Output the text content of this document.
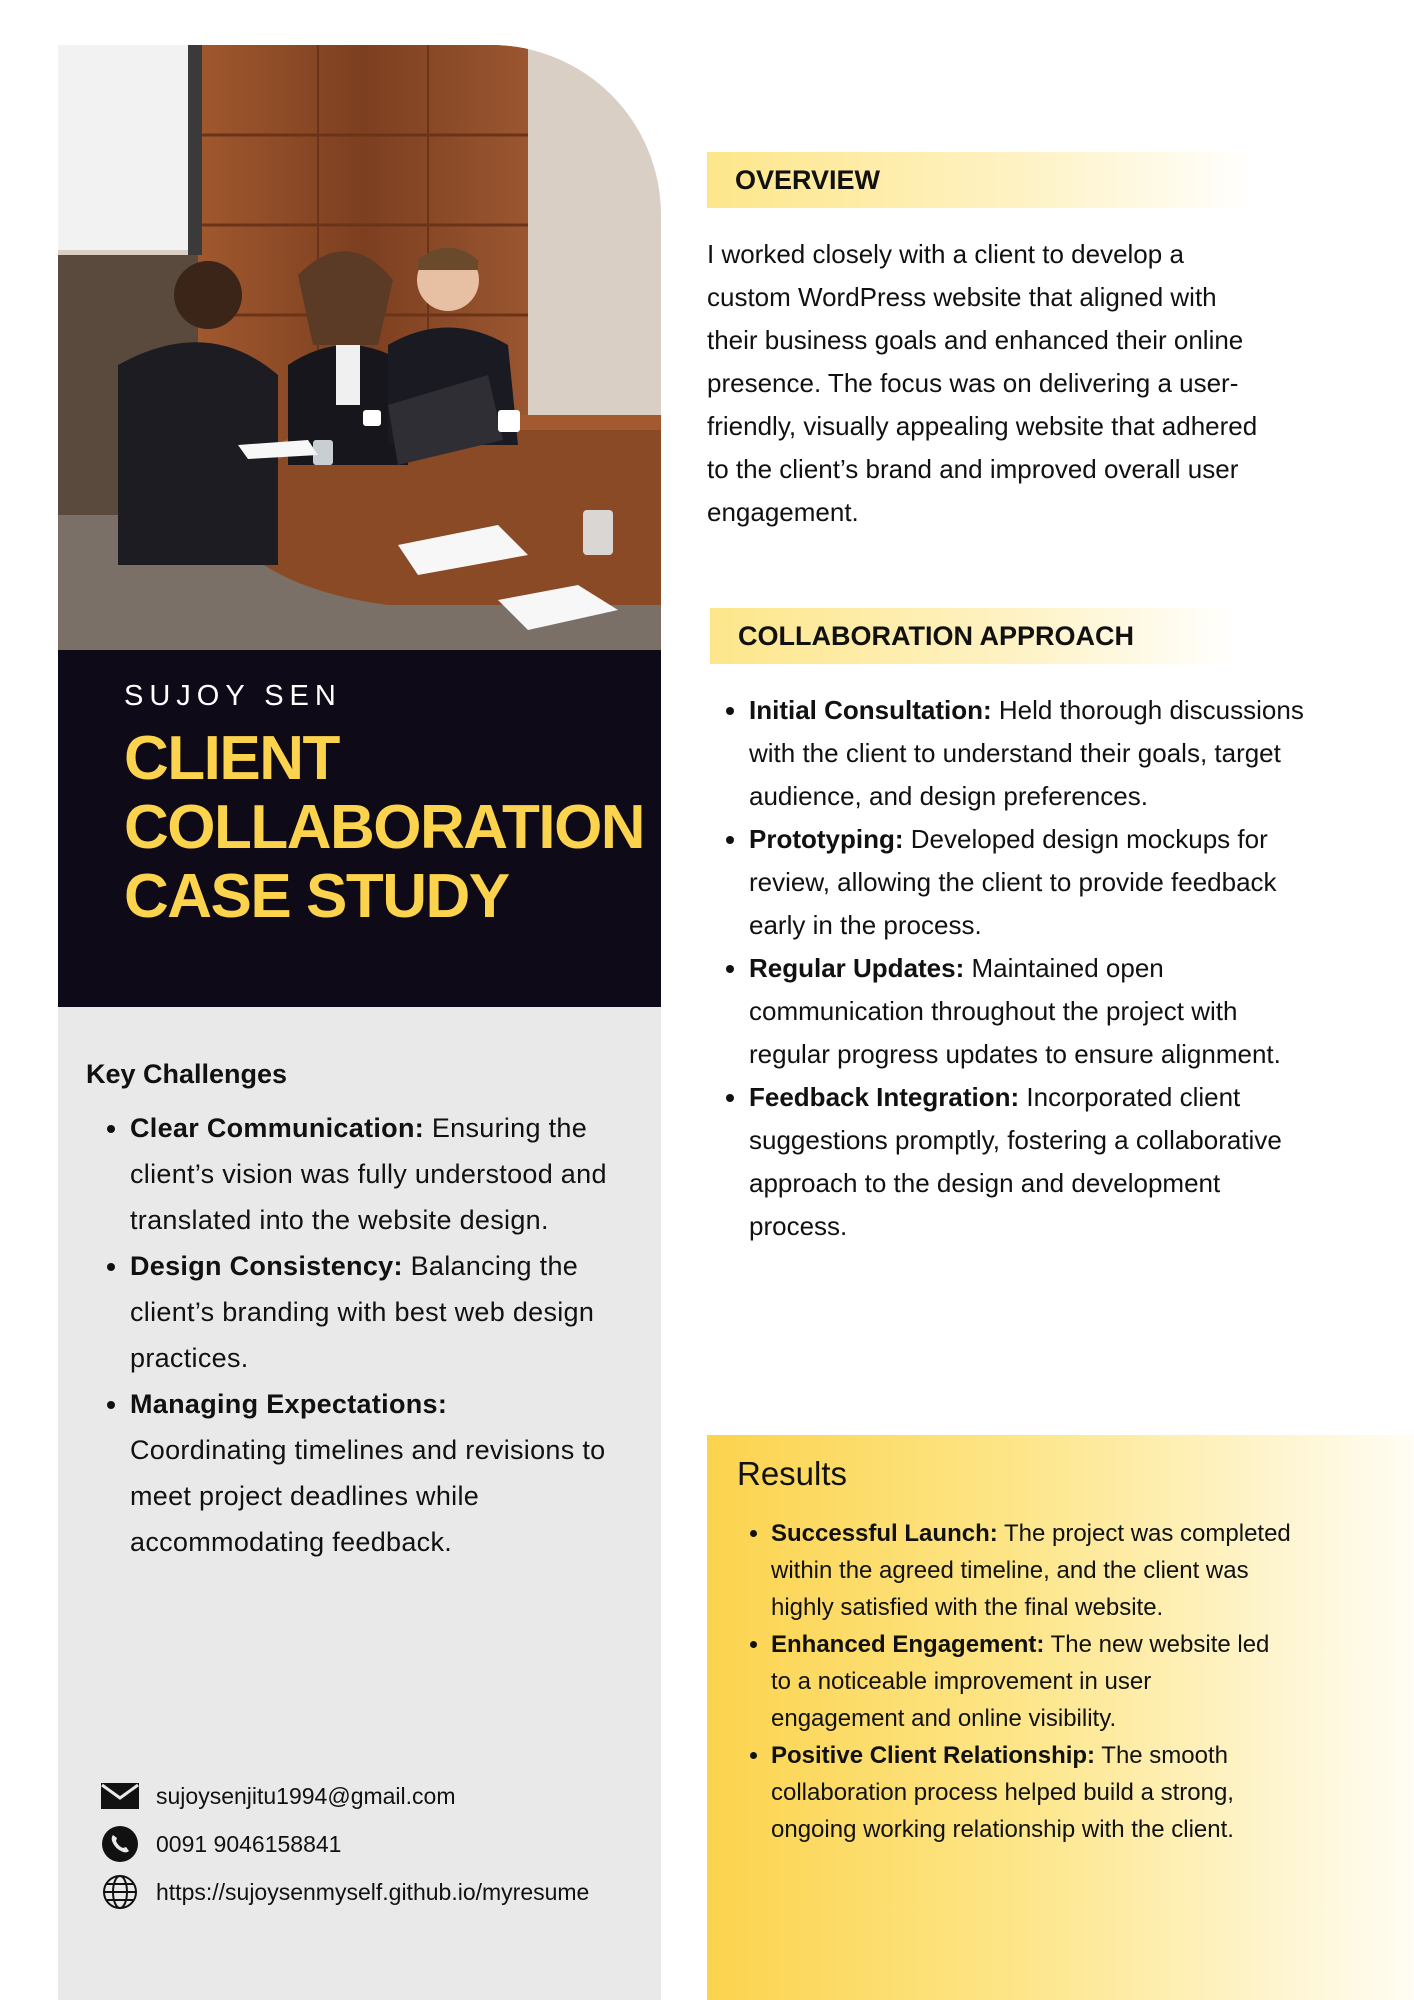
SUJOY SEN
CLIENT
COLLABORATION
CASE STUDY
Key Challenges
• Clear Communication: Ensuring the client’s vision was fully understood and translated into the website design.
• Design Consistency: Balancing the client’s branding with best web design practices.
• Managing Expectations:
Coordinating timelines and revisions to meet project deadlines while accommodating feedback.
sujoysenjitu1994@gmail.com
0091 9046158841
https://sujoysenmyself.github.io/myresume
OVERVIEW
I worked closely with a client to develop a custom WordPress website that aligned with their business goals and enhanced their online presence. The focus was on delivering a user-friendly, visually appealing website that adhered to the client’s brand and improved overall user engagement.
COLLABORATION APPROACH
• Initial Consultation: Held thorough discussions with the client to understand their goals, target audience, and design preferences.
• Prototyping: Developed design mockups for review, allowing the client to provide feedback early in the process.
• Regular Updates: Maintained open communication throughout the project with regular progress updates to ensure alignment.
• Feedback Integration: Incorporated client suggestions promptly, fostering a collaborative approach to the design and development process.
Results
• Successful Launch: The project was completed within the agreed timeline, and the client was highly satisfied with the final website.
• Enhanced Engagement: The new website led to a noticeable improvement in user engagement and online visibility.
• Positive Client Relationship: The smooth collaboration process helped build a strong, ongoing working relationship with the client.
